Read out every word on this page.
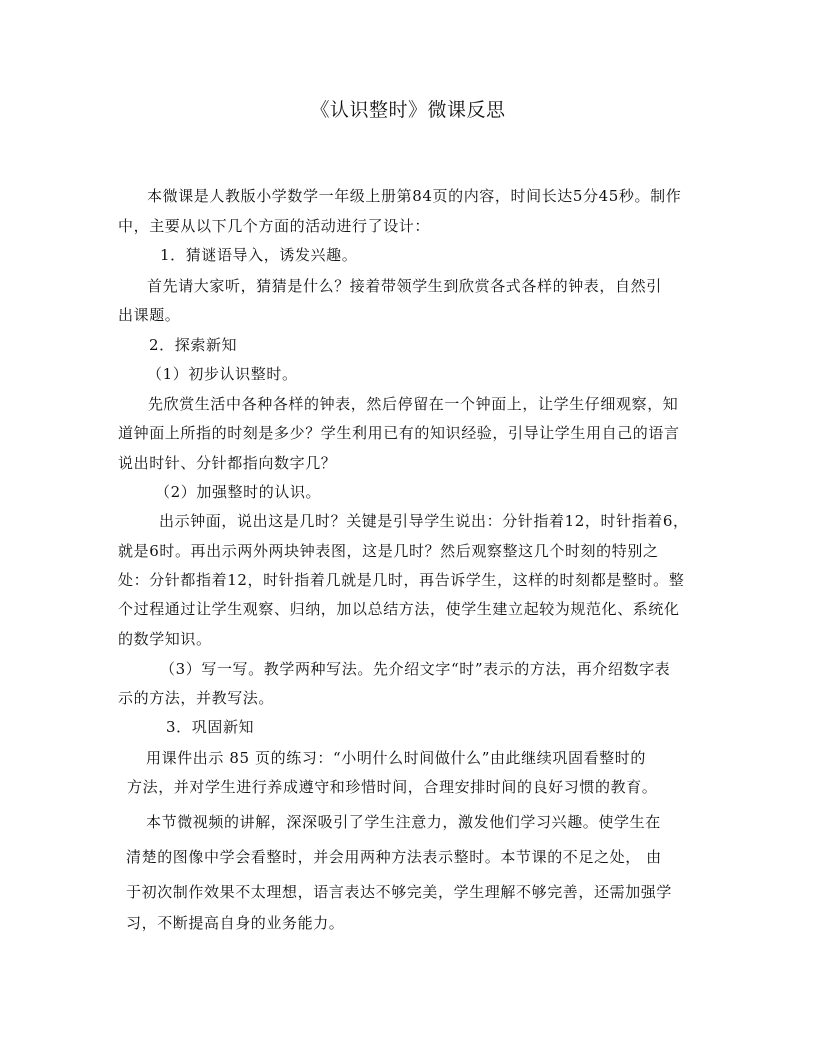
《认识整时》微课反思
本微课是人教版小学数学一年级上册第84页的内容，时间长达5分45秒。制作
中，主要从以下几个方面的活动进行了设计：
1．猜谜语导入，诱发兴趣。
首先请大家听，猜猜是什么？接着带领学生到欣赏各式各样的钟表，自然引
出课题。
2．探索新知
（1）初步认识整时。
先欣赏生活中各种各样的钟表，然后停留在一个钟面上，让学生仔细观察，知
道钟面上所指的时刻是多少？学生利用已有的知识经验，引导让学生用自己的语言
说出时针、分针都指向数字几？
（2）加强整时的认识。
出示钟面，说出这是几时？关键是引导学生说出：分针指着12，时针指着6，
就是6时。再出示两外两块钟表图，这是几时？然后观察整这几个时刻的特别之
处：分针都指着12，时针指着几就是几时，再告诉学生，这样的时刻都是整时。整
个过程通过让学生观察、归纳，加以总结方法，使学生建立起较为规范化、系统化
的数学知识。
（3）写一写。教学两种写法。先介绍文字“时”表示的方法，再介绍数字表
示的方法，并教写法。
3．巩固新知
用课件出示 85 页的练习：“小明什么时间做什么”由此继续巩固看整时的
方法，并对学生进行养成遵守和珍惜时间，合理安排时间的良好习惯的教育。
本节微视频的讲解，深深吸引了学生注意力，激发他们学习兴趣。使学生在
清楚的图像中学会看整时，并会用两种方法表示整时。本节课的不足之处， 由
于初次制作效果不太理想，语言表达不够完美，学生理解不够完善，还需加强学
习，不断提高自身的业务能力。
